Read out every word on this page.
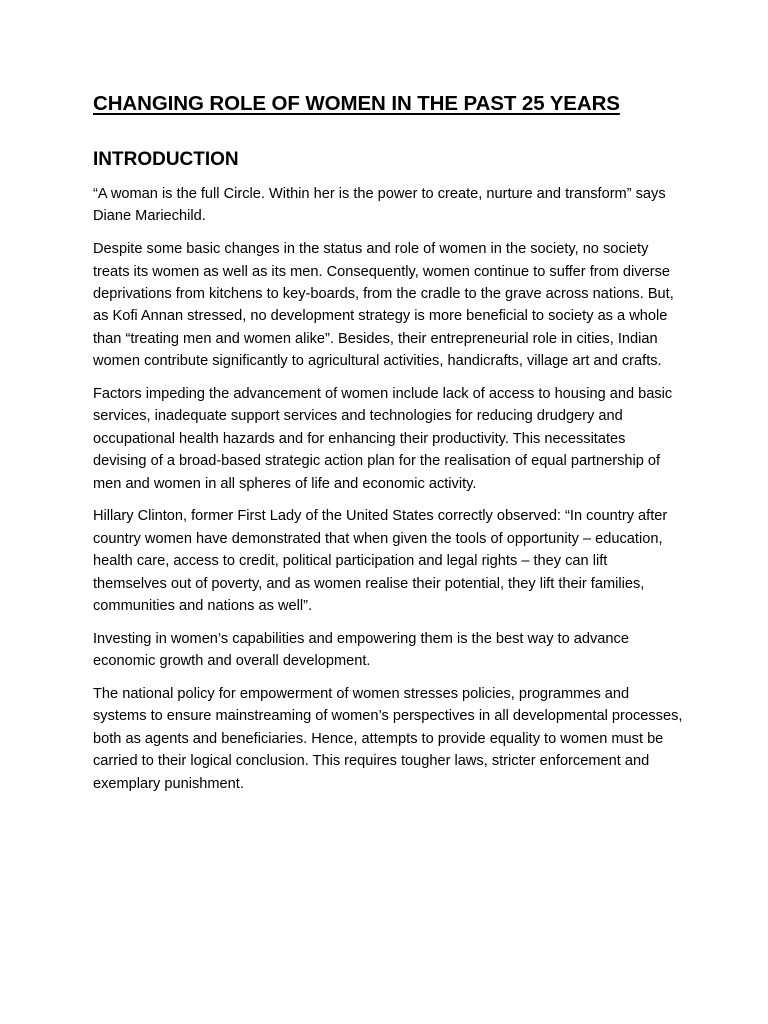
CHANGING ROLE OF WOMEN IN THE PAST 25 YEARS
INTRODUCTION

“A woman is the full Circle. Within her is the power to create, nurture and transform” says Diane Mariechild.

Despite some basic changes in the status and role of women in the society, no society treats its women as well as its men. Consequently, women continue to suffer from diverse deprivations from kitchens to key-boards, from the cradle to the grave across nations. But, as Kofi Annan stressed, no development strategy is more beneficial to society as a whole than “treating men and women alike”. Besides, their entrepreneurial role in cities, Indian women contribute significantly to agricultural activities, handicrafts, village art and crafts.

Factors impeding the advancement of women include lack of access to housing and basic services, inadequate support services and technologies for reducing drudgery and occupational health hazards and for enhancing their productivity. This necessitates devising of a broad-based strategic action plan for the realisation of equal partnership of men and women in all spheres of life and economic activity.

Hillary Clinton, former First Lady of the United States correctly observed: “In country after country women have demonstrated that when given the tools of opportunity – education, health care, access to credit, political participation and legal rights – they can lift themselves out of poverty, and as women realise their potential, they lift their families, communities and nations as well”.

Investing in women’s capabilities and empowering them is the best way to advance economic growth and overall development.

The national policy for empowerment of women stresses policies, programmes and systems to ensure mainstreaming of women’s perspectives in all developmental processes, both as agents and beneficiaries. Hence, attempts to provide equality to women must be carried to their logical conclusion. This requires tougher laws, stricter enforcement and exemplary punishment.
